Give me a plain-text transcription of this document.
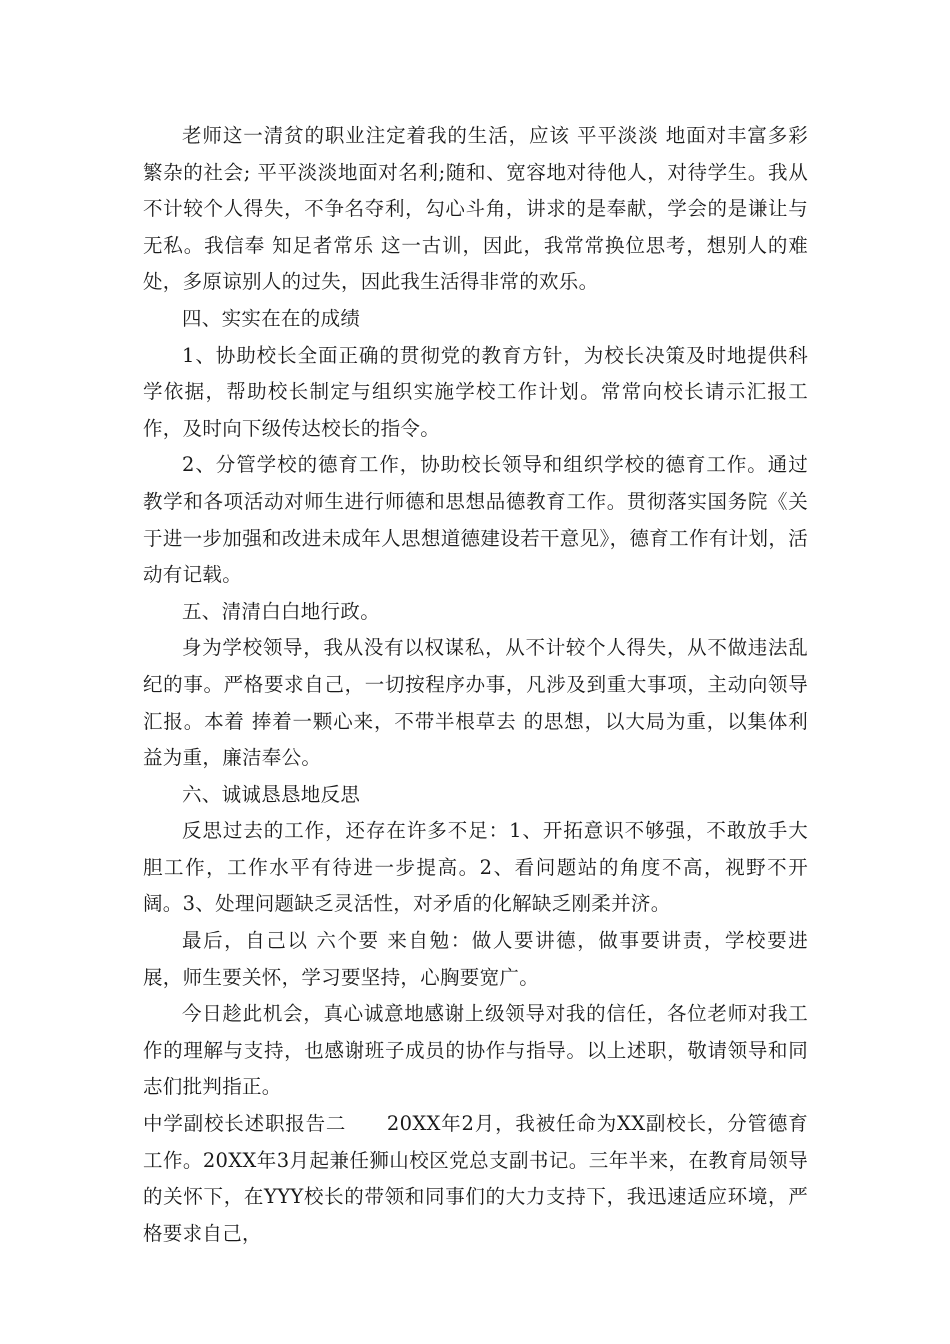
老师这一清贫的职业注定着我的生活，应该 平平淡淡 地面对丰富多彩繁杂的社会; 平平淡淡地面对名利;随和、宽容地对待他人，对待学生。我从不计较个人得失，不争名夺利，勾心斗角，讲求的是奉献，学会的是谦让与无私。我信奉 知足者常乐 这一古训，因此，我常常换位思考，想别人的难处，多原谅别人的过失，因此我生活得非常的欢乐。

四、实实在在的成绩

1、协助校长全面正确的贯彻党的教育方针，为校长决策及时地提供科学依据，帮助校长制定与组织实施学校工作计划。常常向校长请示汇报工作，及时向下级传达校长的指令。

2、分管学校的德育工作，协助校长领导和组织学校的德育工作。通过教学和各项活动对师生进行师德和思想品德教育工作。贯彻落实国务院《关于进一步加强和改进未成年人思想道德建设若干意见》，德育工作有计划，活动有记载。

五、清清白白地行政。

身为学校领导，我从没有以权谋私，从不计较个人得失，从不做违法乱纪的事。严格要求自己，一切按程序办事，凡涉及到重大事项，主动向领导汇报。本着 捧着一颗心来，不带半根草去 的思想，以大局为重，以集体利益为重，廉洁奉公。

六、诚诚恳恳地反思

反思过去的工作，还存在许多不足：1、开拓意识不够强，不敢放手大胆工作，工作水平有待进一步提高。2、看问题站的角度不高，视野不开阔。3、处理问题缺乏灵活性，对矛盾的化解缺乏刚柔并济。

最后，自己以 六个要 来自勉：做人要讲德，做事要讲责，学校要进展，师生要关怀，学习要坚持，心胸要宽广。

今日趁此机会，真心诚意地感谢上级领导对我的信任，各位老师对我工作的理解与支持，也感谢班子成员的协作与指导。以上述职，敬请领导和同志们批判指正。

中学副校长述职报告二　　20XX年2月，我被任命为XX副校长，分管德育工作。20XX年3月起兼任狮山校区党总支副书记。三年半来，在教育局领导的关怀下，在YYY校长的带领和同事们的大力支持下，我迅速适应环境，严格要求自己，
